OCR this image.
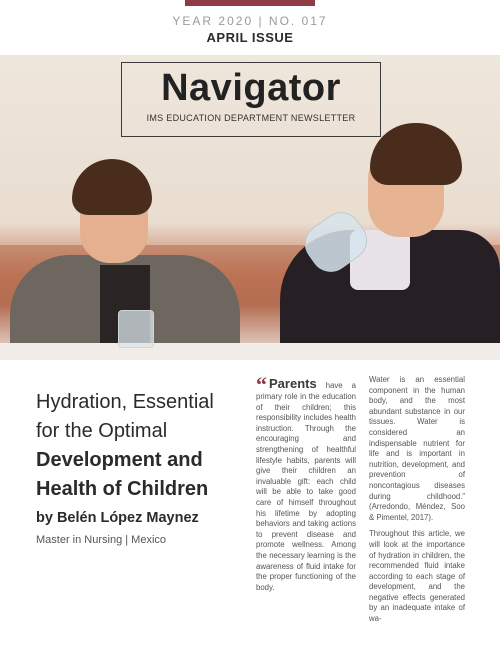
YEAR 2020 | NO. 017
APRIL ISSUE
Navigator
IMS EDUCATION DEPARTMENT NEWSLETTER
Hydration, Essential for the Optimal Development and Health of Children
by Belén López Maynez
Master in Nursing | Mexico
“ Parents have a primary role in the education of their children; this responsibility includes health instruction. Through the encouraging and strengthening of healthful lifestyle habits, parents will give their children an invaluable gift: each child will be able to take good care of himself throughout his lifetime by adopting behaviors and taking actions to prevent disease and promote wellness. Among the necessary learning is the awareness of fluid intake for the proper functioning of the body.

Water is an essential component in the human body, and the most abundant substance in our tissues. Water is considered an indispensable nutrient for life and is important in nutrition, development, and prevention of noncontagious diseases during childhood.” (Arredondo, Méndez, Soo & Pimentel, 2017).

Throughout this article, we will look at the importance of hydration in children, the recommended fluid intake according to each stage of development, and the negative effects generated by an inadequate intake of wa-
